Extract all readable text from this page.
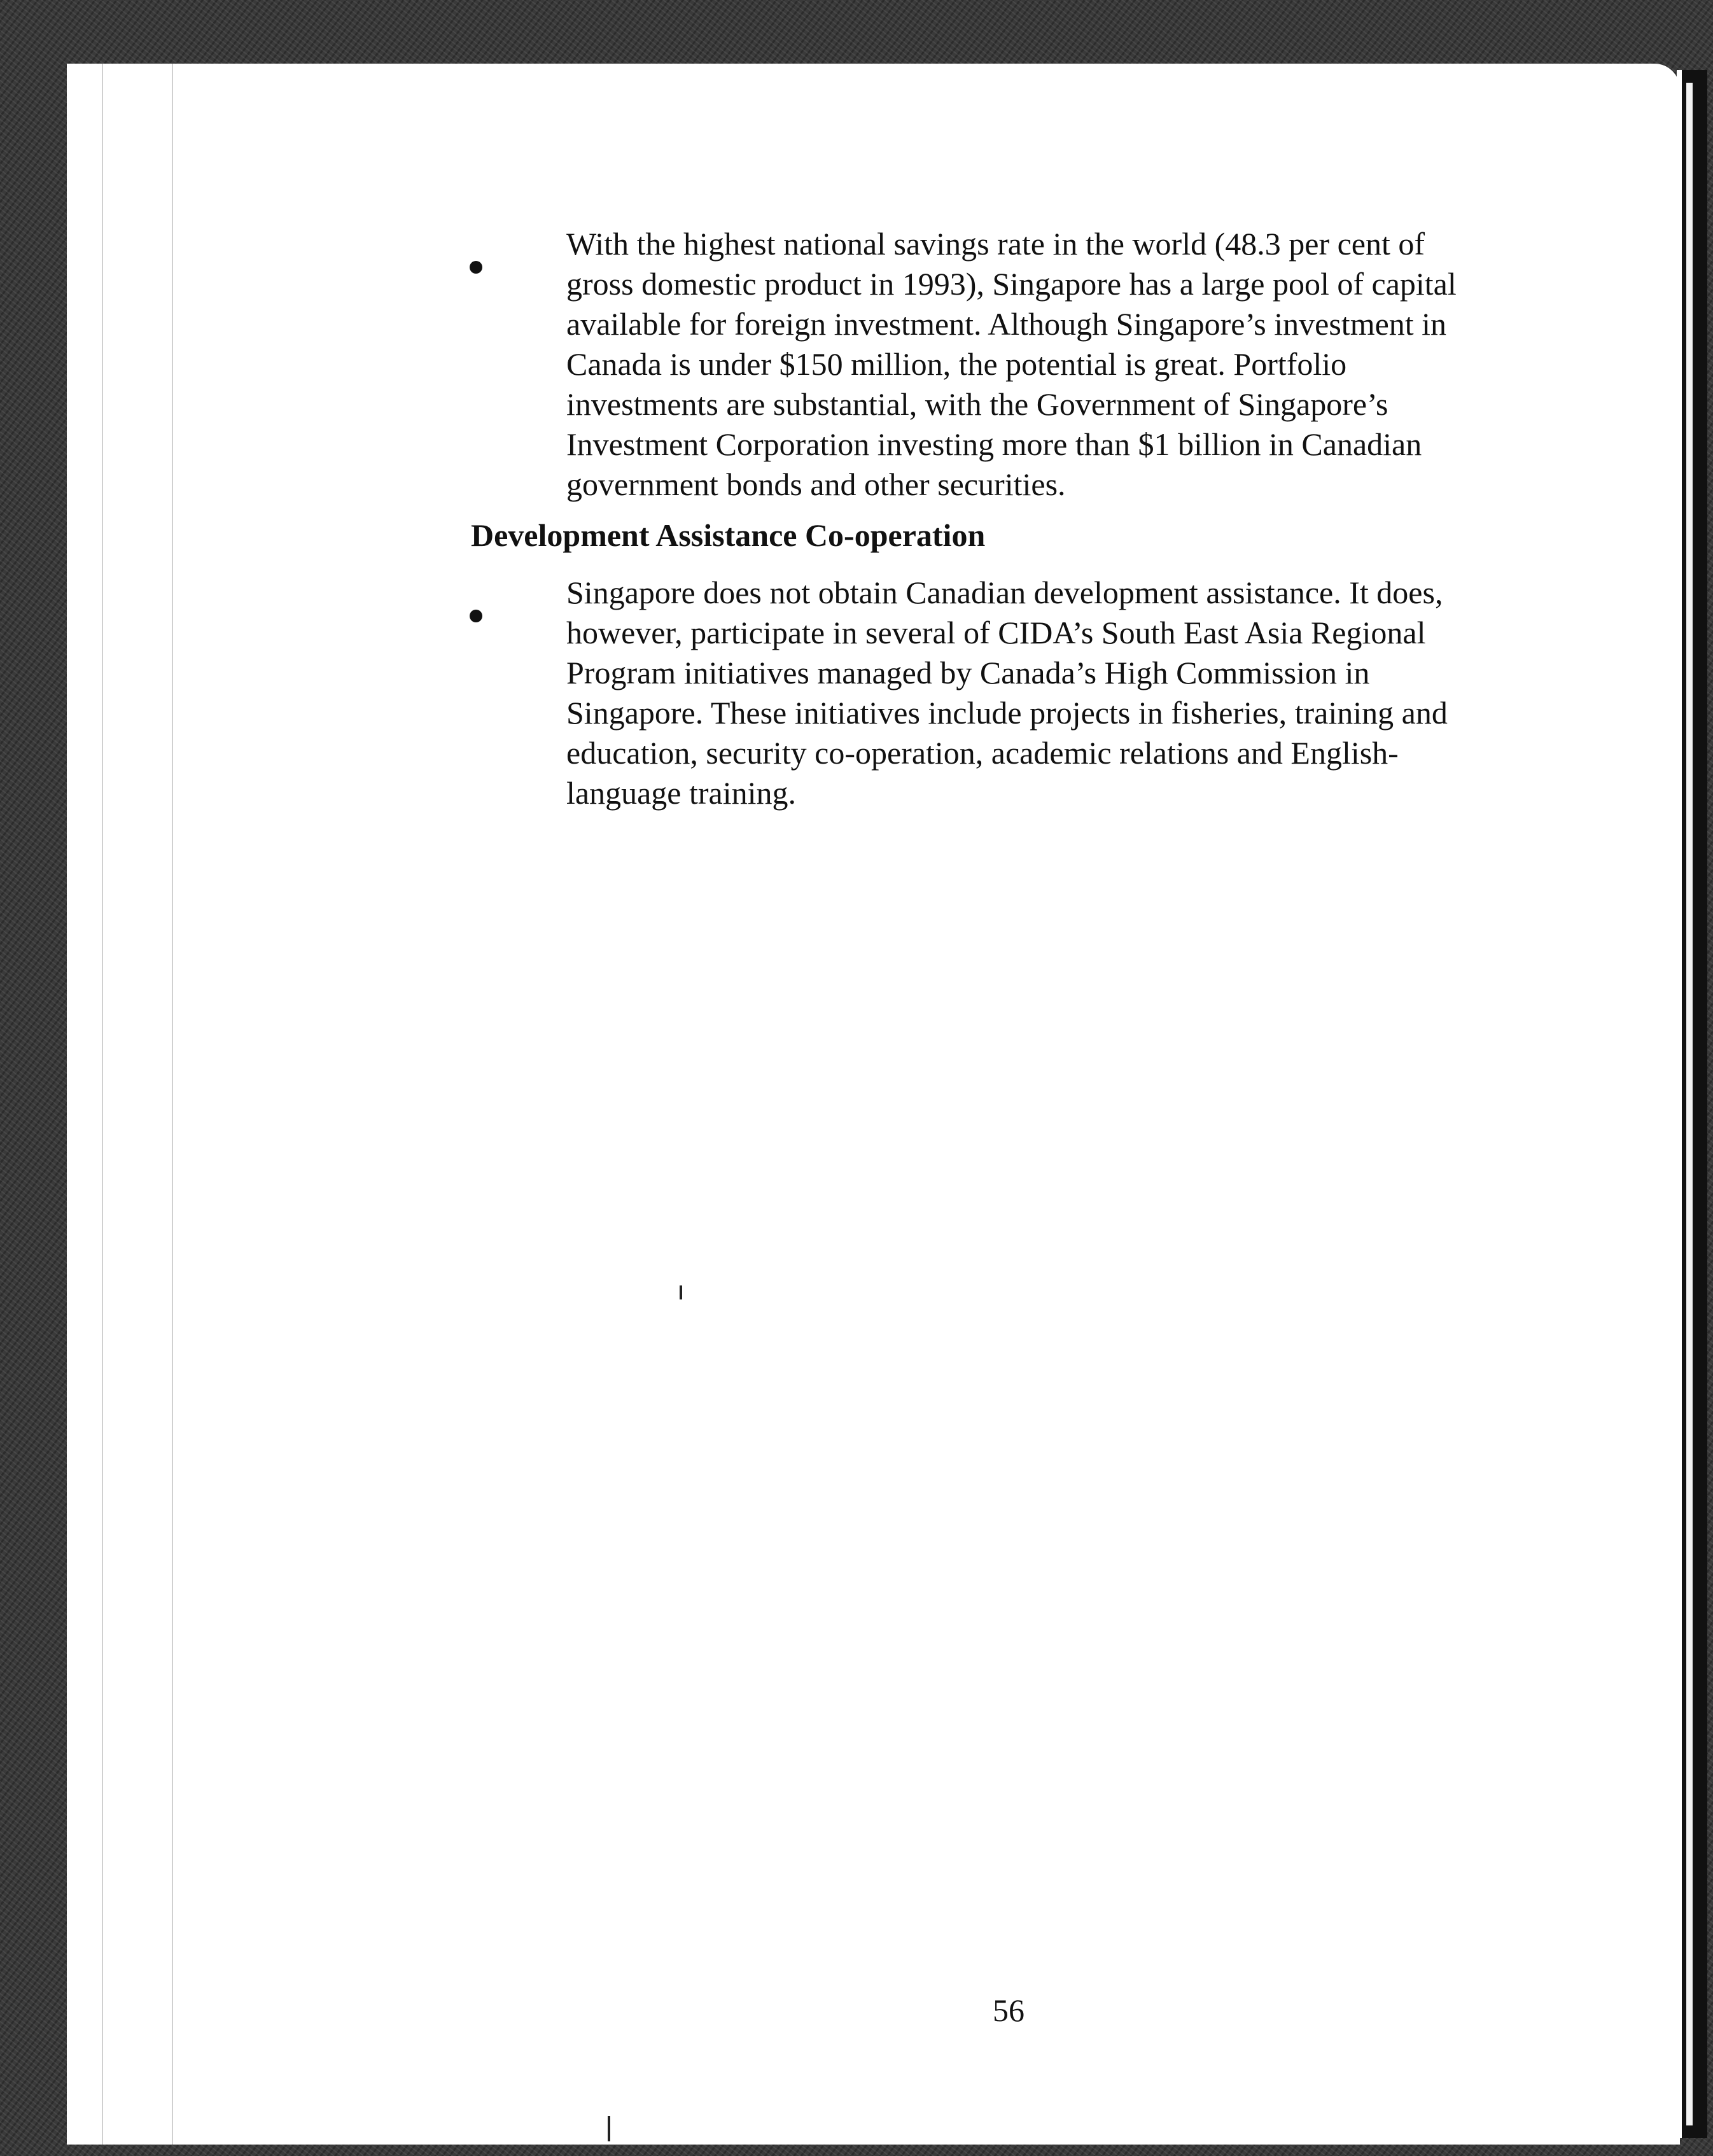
With the highest national savings rate in the world (48.3 per cent of
gross domestic product in 1993), Singapore has a large pool of capital
available for foreign investment. Although Singapore’s investment in
Canada is under $150 million, the potential is great. Portfolio
investments are substantial, with the Government of Singapore’s
Investment Corporation investing more than $1 billion in Canadian
government bonds and other securities.
Development Assistance Co-operation
Singapore does not obtain Canadian development assistance. It does,
however, participate in several of CIDA’s South East Asia Regional
Program initiatives managed by Canada’s High Commission in
Singapore. These initiatives include projects in fisheries, training and
education, security co-operation, academic relations and English-
language training.
56
